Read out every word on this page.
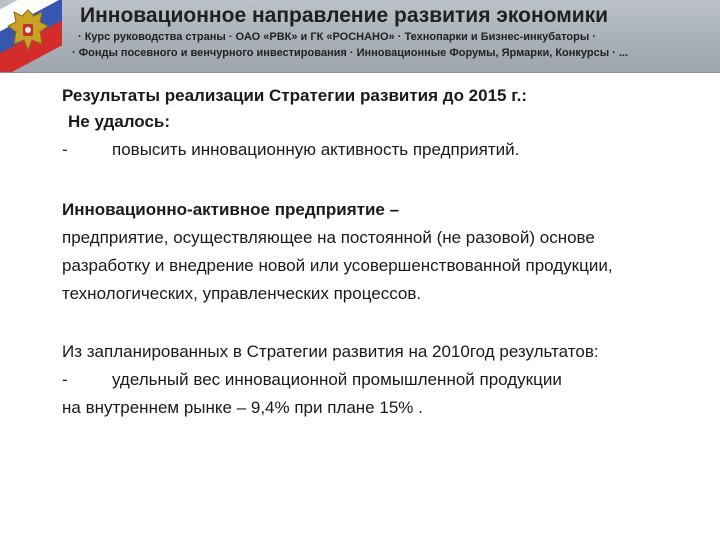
Инновационное направление развития экономики
· Курс руководства страны · ОАО «РВК» и ГК «РОСНАНО» · Технопарки и Бизнес-инкубаторы ·
· Фонды посевного и венчурного инвестирования · Инновационные Форумы, Ярмарки, Конкурсы · ...
Результаты реализации Стратегии развития до 2015 г.:
Не удалось:
-	повысить инновационную активность предприятий.
Инновационно-активное предприятие –
предприятие, осуществляющее на постоянной (не разовой) основе
разработку и внедрение новой или усовершенствованной продукции,
технологических, управленческих процессов.
Из запланированных в Стратегии развития на 2010год результатов:
-	удельный вес инновационной промышленной продукции
на внутреннем рынке – 9,4% при плане 15% .
